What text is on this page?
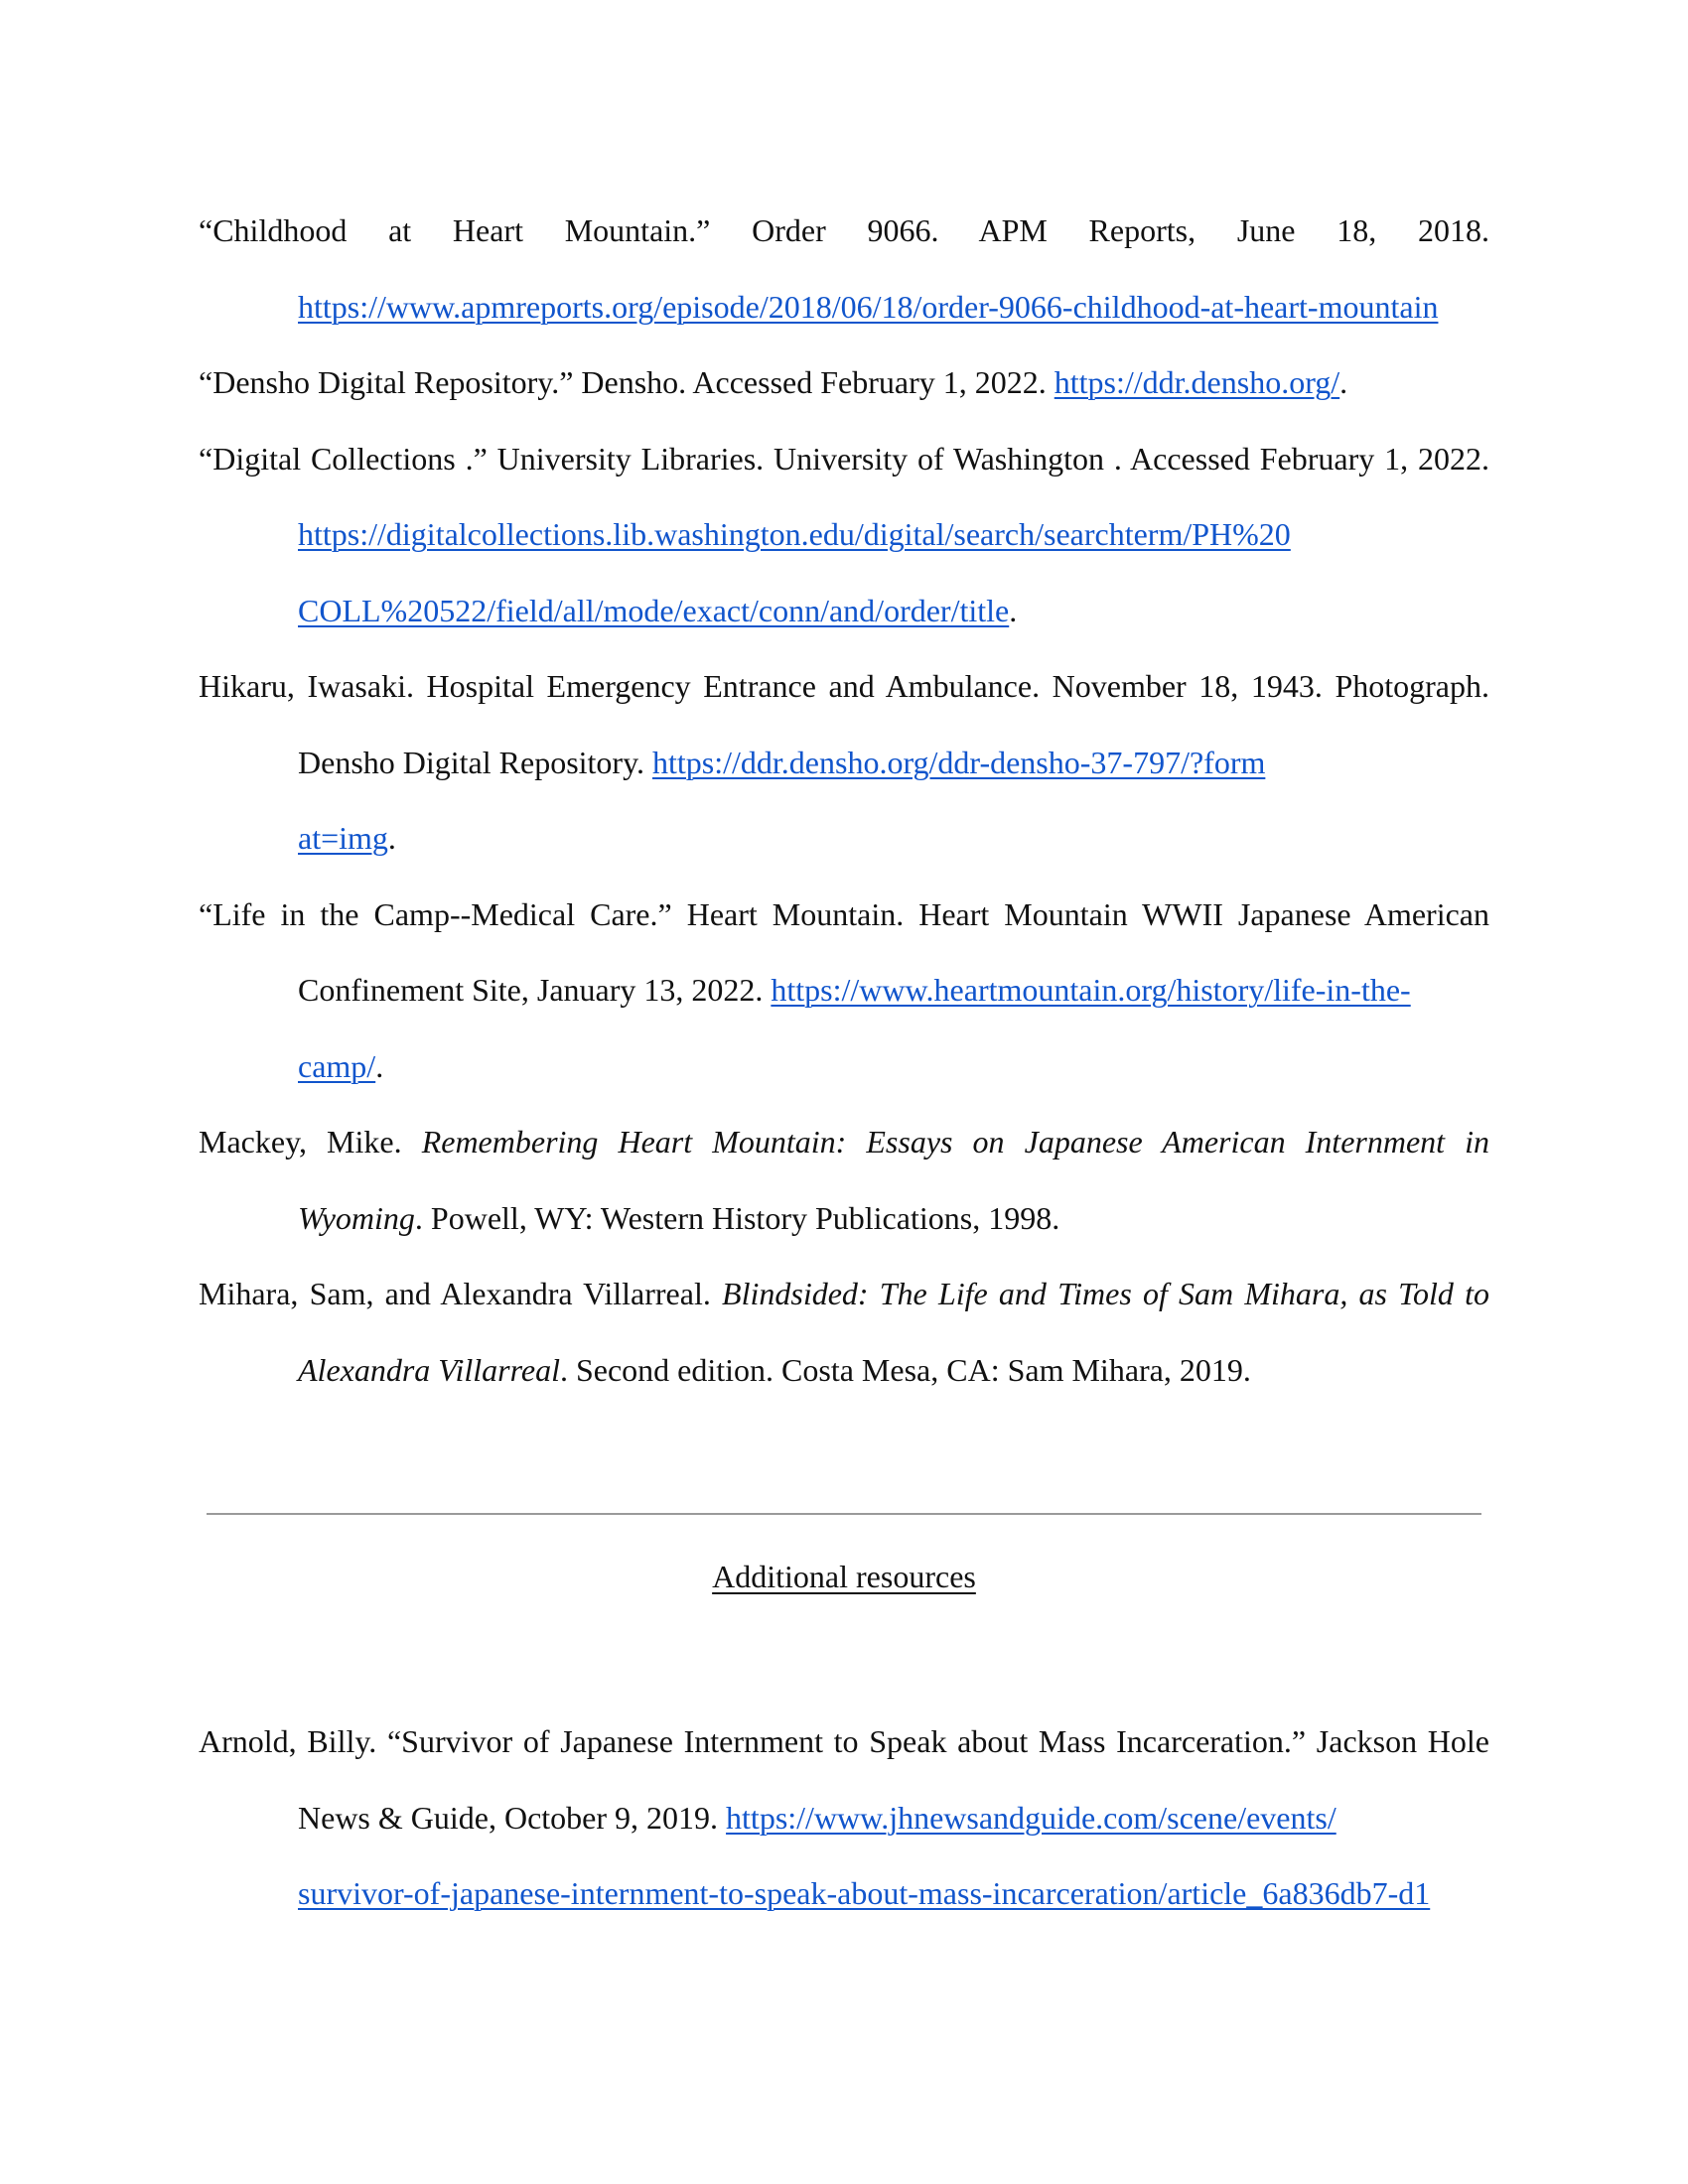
“Childhood at Heart Mountain.” Order 9066. APM Reports, June 18, 2018. https://www.apmreports.org/episode/2018/06/18/order-9066-childhood-at-heart-mountain

“Densho Digital Repository.” Densho. Accessed February 1, 2022. https://ddr.densho.org/.

“Digital Collections .” University Libraries. University of Washington . Accessed February 1, 2022. https://digitalcollections.lib.washington.edu/digital/search/searchterm/PH%20
COLL%20522/field/all/mode/exact/conn/and/order/title.

Hikaru, Iwasaki. Hospital Emergency Entrance and Ambulance. November 18, 1943. Photograph. Densho Digital Repository. https://ddr.densho.org/ddr-densho-37-797/?form
at=img.

“Life in the Camp--Medical Care.” Heart Mountain. Heart Mountain WWII Japanese American Confinement Site, January 13, 2022. https://www.heartmountain.org/history/life-in-the-
camp/.

Mackey, Mike. Remembering Heart Mountain: Essays on Japanese American Internment in Wyoming. Powell, WY: Western History Publications, 1998.

Mihara, Sam, and Alexandra Villarreal. Blindsided: The Life and Times of Sam Mihara, as Told to Alexandra Villarreal. Second edition. Costa Mesa, CA: Sam Mihara, 2019.

Additional resources

Arnold, Billy. “Survivor of Japanese Internment to Speak about Mass Incarceration.” Jackson Hole News & Guide, October 9, 2019. https://www.jhnewsandguide.com/scene/events/
survivor-of-japanese-internment-to-speak-about-mass-incarceration/article_6a836db7-d1
